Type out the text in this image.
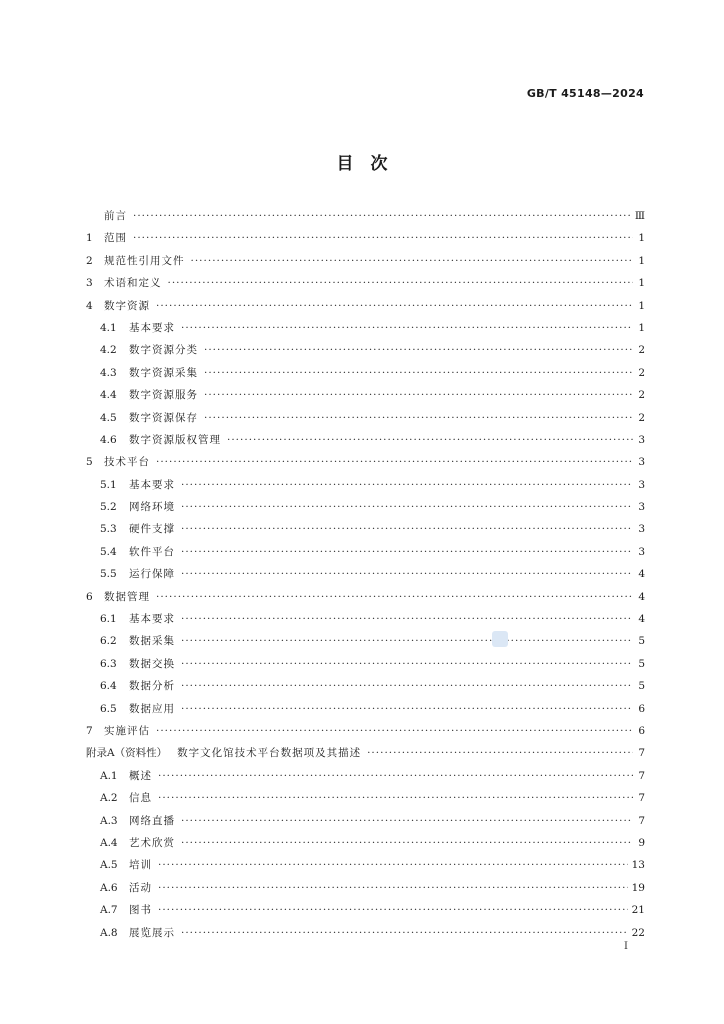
GB/T 45148—2024
目　次
前言 ·····	Ⅲ
1	范围 ·····	1
2	规范性引用文件 ·····	1
3	术语和定义 ·····	1
4	数字资源 ·····	1
4.1	基本要求 ·····	1
4.2	数字资源分类 ·····	2
4.3	数字资源采集 ·····	2
4.4	数字资源服务 ·····	2
4.5	数字资源保存 ·····	2
4.6	数字资源版权管理 ·····	3
5	技术平台 ·····	3
5.1	基本要求 ·····	3
5.2	网络环境 ·····	3
5.3	硬件支撑 ·····	3
5.4	软件平台 ·····	3
5.5	运行保障 ·····	4
6	数据管理 ·····	4
6.1	基本要求 ·····	4
6.2	数据采集 ·····	5
6.3	数据交换 ·····	5
6.4	数据分析 ·····	5
6.5	数据应用 ·····	6
7	实施评估 ·····	6
附录A（资料性） 数字文化馆技术平台数据项及其描述 ·····	7
A.1	概述 ·····	7
A.2	信息 ·····	7
A.3	网络直播 ·····	7
A.4	艺术欣赏 ·····	9
A.5	培训 ·····	13
A.6	活动 ·····	19
A.7	图书 ·····	21
A.8	展览展示 ·····	22
I
